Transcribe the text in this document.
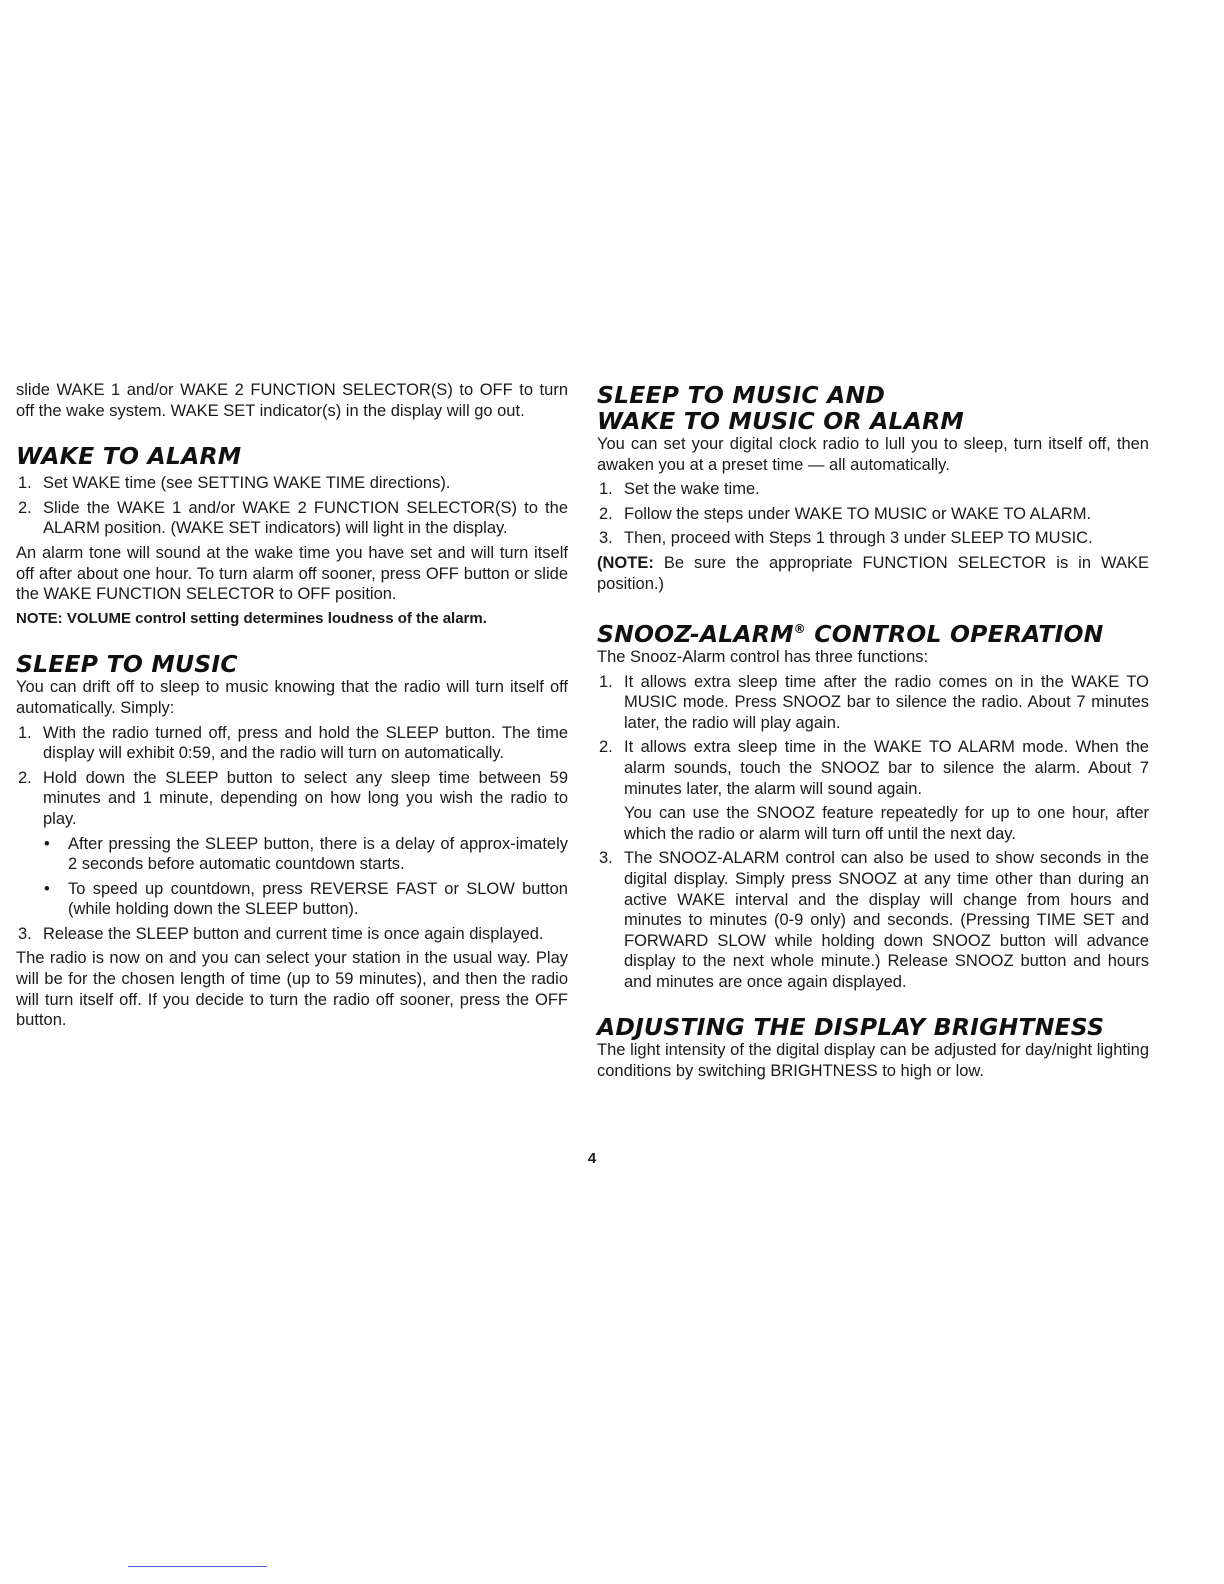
slide WAKE 1 and/or WAKE 2 FUNCTION SELECTOR(S) to OFF to turn off the wake system. WAKE SET indicator(s) in the display will go out.

WAKE TO ALARM
1. Set WAKE time (see SETTING WAKE TIME directions).
2. Slide the WAKE 1 and/or WAKE 2 FUNCTION SELECTOR(S) to the ALARM position. (WAKE SET indicators) will light in the display.

An alarm tone will sound at the wake time you have set and will turn itself off after about one hour. To turn alarm off sooner, press OFF button or slide the WAKE FUNCTION SELECTOR to OFF position.

NOTE: VOLUME control setting determines loudness of the alarm.

SLEEP TO MUSIC

You can drift off to sleep to music knowing that the radio will turn itself off automatically. Simply:

1. With the radio turned off, press and hold the SLEEP button. The time display will exhibit 0:59, and the radio will turn on automatically.
2. Hold down the SLEEP button to select any sleep time between 59 minutes and 1 minute, depending on how long you wish the radio to play.
• After pressing the SLEEP button, there is a delay of approx-imately 2 seconds before automatic countdown starts.
• To speed up countdown, press REVERSE FAST or SLOW button (while holding down the SLEEP button).
3. Release the SLEEP button and current time is once again displayed.

The radio is now on and you can select your station in the usual way. Play will be for the chosen length of time (up to 59 minutes), and then the radio will turn itself off. If you decide to turn the radio off sooner, press the OFF button.

SLEEP TO MUSIC AND
WAKE TO MUSIC OR ALARM

You can set your digital clock radio to lull you to sleep, turn itself off, then awaken you at a preset time — all automatically.

1. Set the wake time.
2. Follow the steps under WAKE TO MUSIC or WAKE TO ALARM.
3. Then, proceed with Steps 1 through 3 under SLEEP TO MUSIC.

(NOTE: Be sure the appropriate FUNCTION SELECTOR is in WAKE position.)

SNOOZ-ALARM® CONTROL OPERATION

The Snooz-Alarm control has three functions:

1. It allows extra sleep time after the radio comes on in the WAKE TO MUSIC mode. Press SNOOZ bar to silence the radio. About 7 minutes later, the radio will play again.
2. It allows extra sleep time in the WAKE TO ALARM mode. When the alarm sounds, touch the SNOOZ bar to silence the alarm. About 7 minutes later, the alarm will sound again.
You can use the SNOOZ feature repeatedly for up to one hour, after which the radio or alarm will turn off until the next day.
3. The SNOOZ-ALARM control can also be used to show seconds in the digital display. Simply press SNOOZ at any time other than during an active WAKE interval and the display will change from hours and minutes to minutes (0-9 only) and seconds. (Pressing TIME SET and FORWARD SLOW while holding down SNOOZ button will advance display to the next whole minute.) Release SNOOZ button and hours and minutes are once again displayed.
ADJUSTING THE DISPLAY BRIGHTNESS

The light intensity of the digital display can be adjusted for day/night lighting conditions by switching BRIGHTNESS to high or low.

4
